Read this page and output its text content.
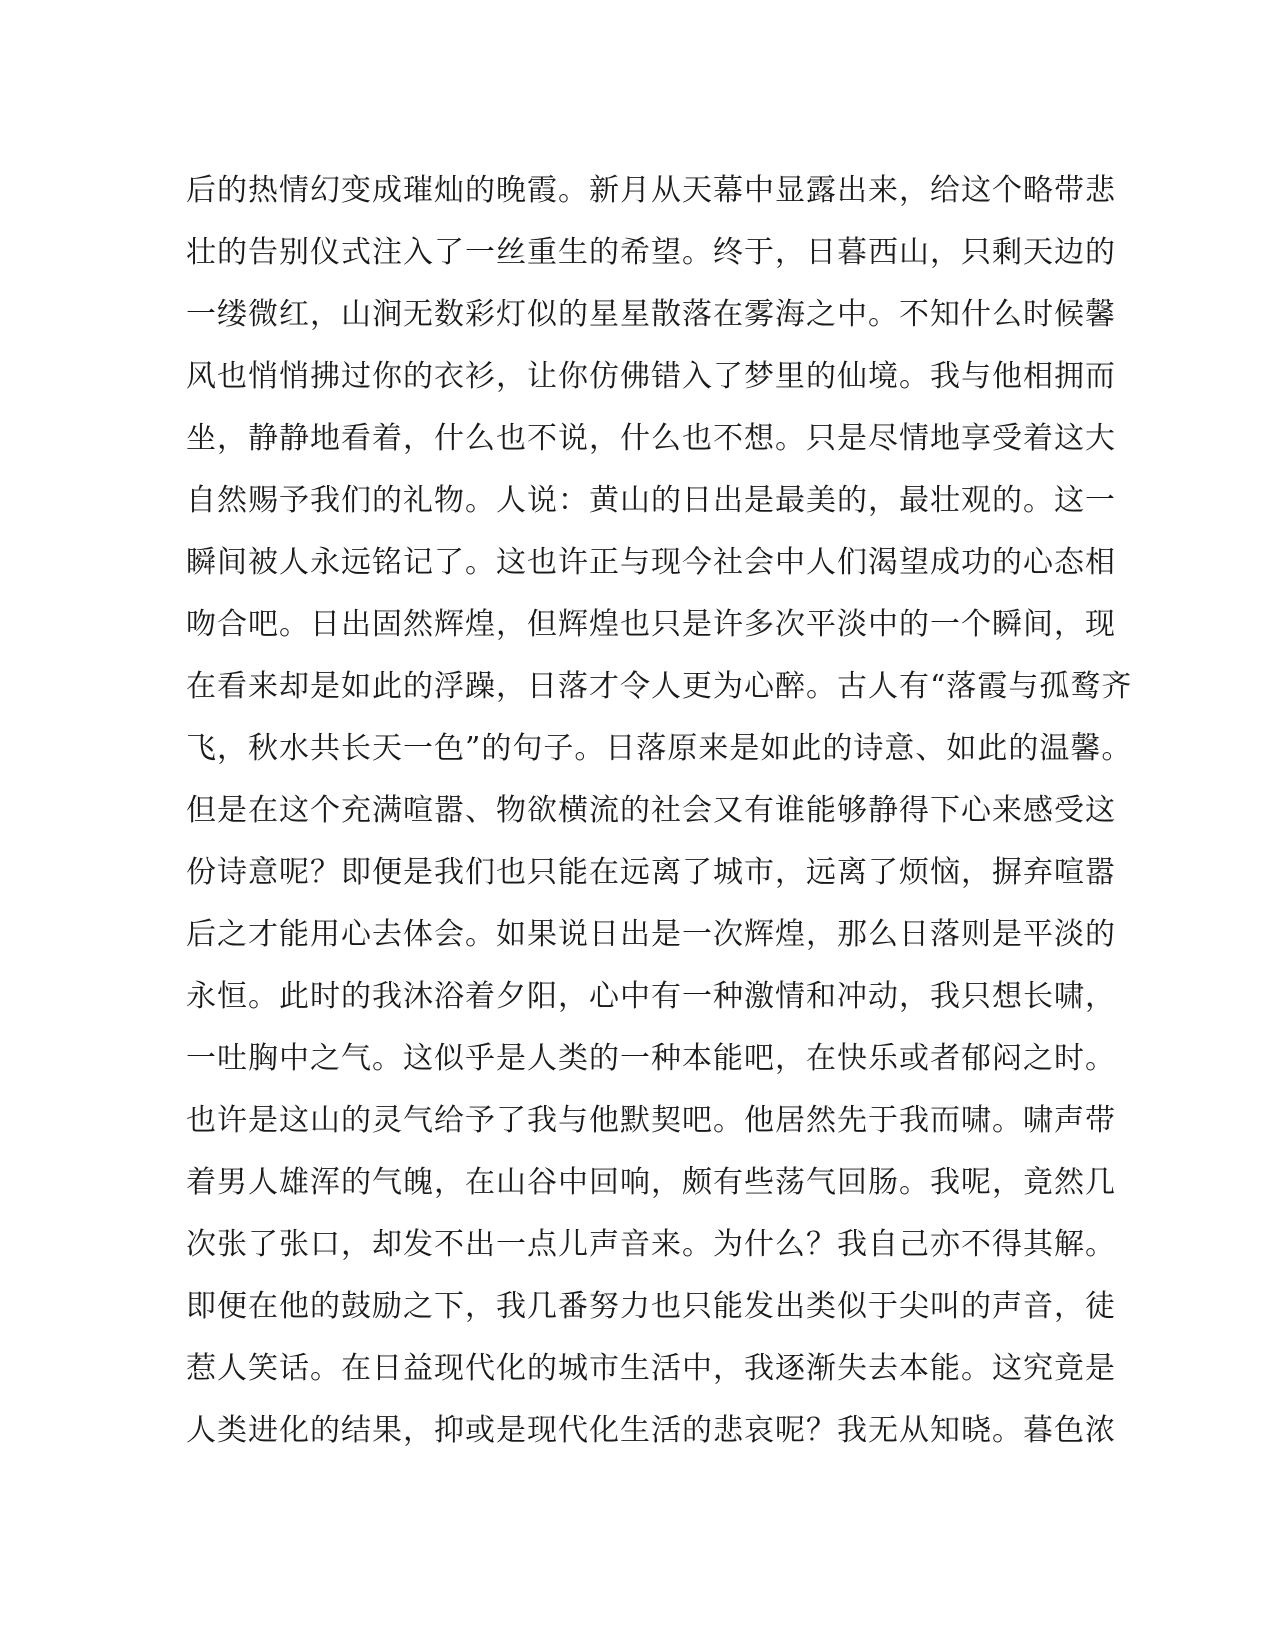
后的热情幻变成璀灿的晚霞。新月从天幕中显露出来，给这个略带悲
壮的告别仪式注入了一丝重生的希望。终于，日暮西山，只剩天边的
一缕微红，山涧无数彩灯似的星星散落在雾海之中。不知什么时候馨
风也悄悄拂过你的衣衫，让你仿佛错入了梦里的仙境。我与他相拥而
坐，静静地看着，什么也不说，什么也不想。只是尽情地享受着这大
自然赐予我们的礼物。人说：黄山的日出是最美的，最壮观的。这一
瞬间被人永远铭记了。这也许正与现今社会中人们渴望成功的心态相
吻合吧。日出固然辉煌，但辉煌也只是许多次平淡中的一个瞬间，现
在看来却是如此的浮躁，日落才令人更为心醉。古人有“落霞与孤鹜齐
飞，秋水共长天一色”的句子。日落原来是如此的诗意、如此的温馨。
但是在这个充满喧嚣、物欲横流的社会又有谁能够静得下心来感受这
份诗意呢？即便是我们也只能在远离了城市，远离了烦恼，摒弃喧嚣
后之才能用心去体会。如果说日出是一次辉煌，那么日落则是平淡的
永恒。此时的我沐浴着夕阳，心中有一种激情和冲动，我只想长啸，
一吐胸中之气。这似乎是人类的一种本能吧，在快乐或者郁闷之时。
也许是这山的灵气给予了我与他默契吧。他居然先于我而啸。啸声带
着男人雄浑的气魄，在山谷中回响，颇有些荡气回肠。我呢，竟然几
次张了张口，却发不出一点儿声音来。为什么？我自己亦不得其解。
即便在他的鼓励之下，我几番努力也只能发出类似于尖叫的声音，徒
惹人笑话。在日益现代化的城市生活中，我逐渐失去本能。这究竟是
人类进化的结果，抑或是现代化生活的悲哀呢？我无从知晓。暮色浓
